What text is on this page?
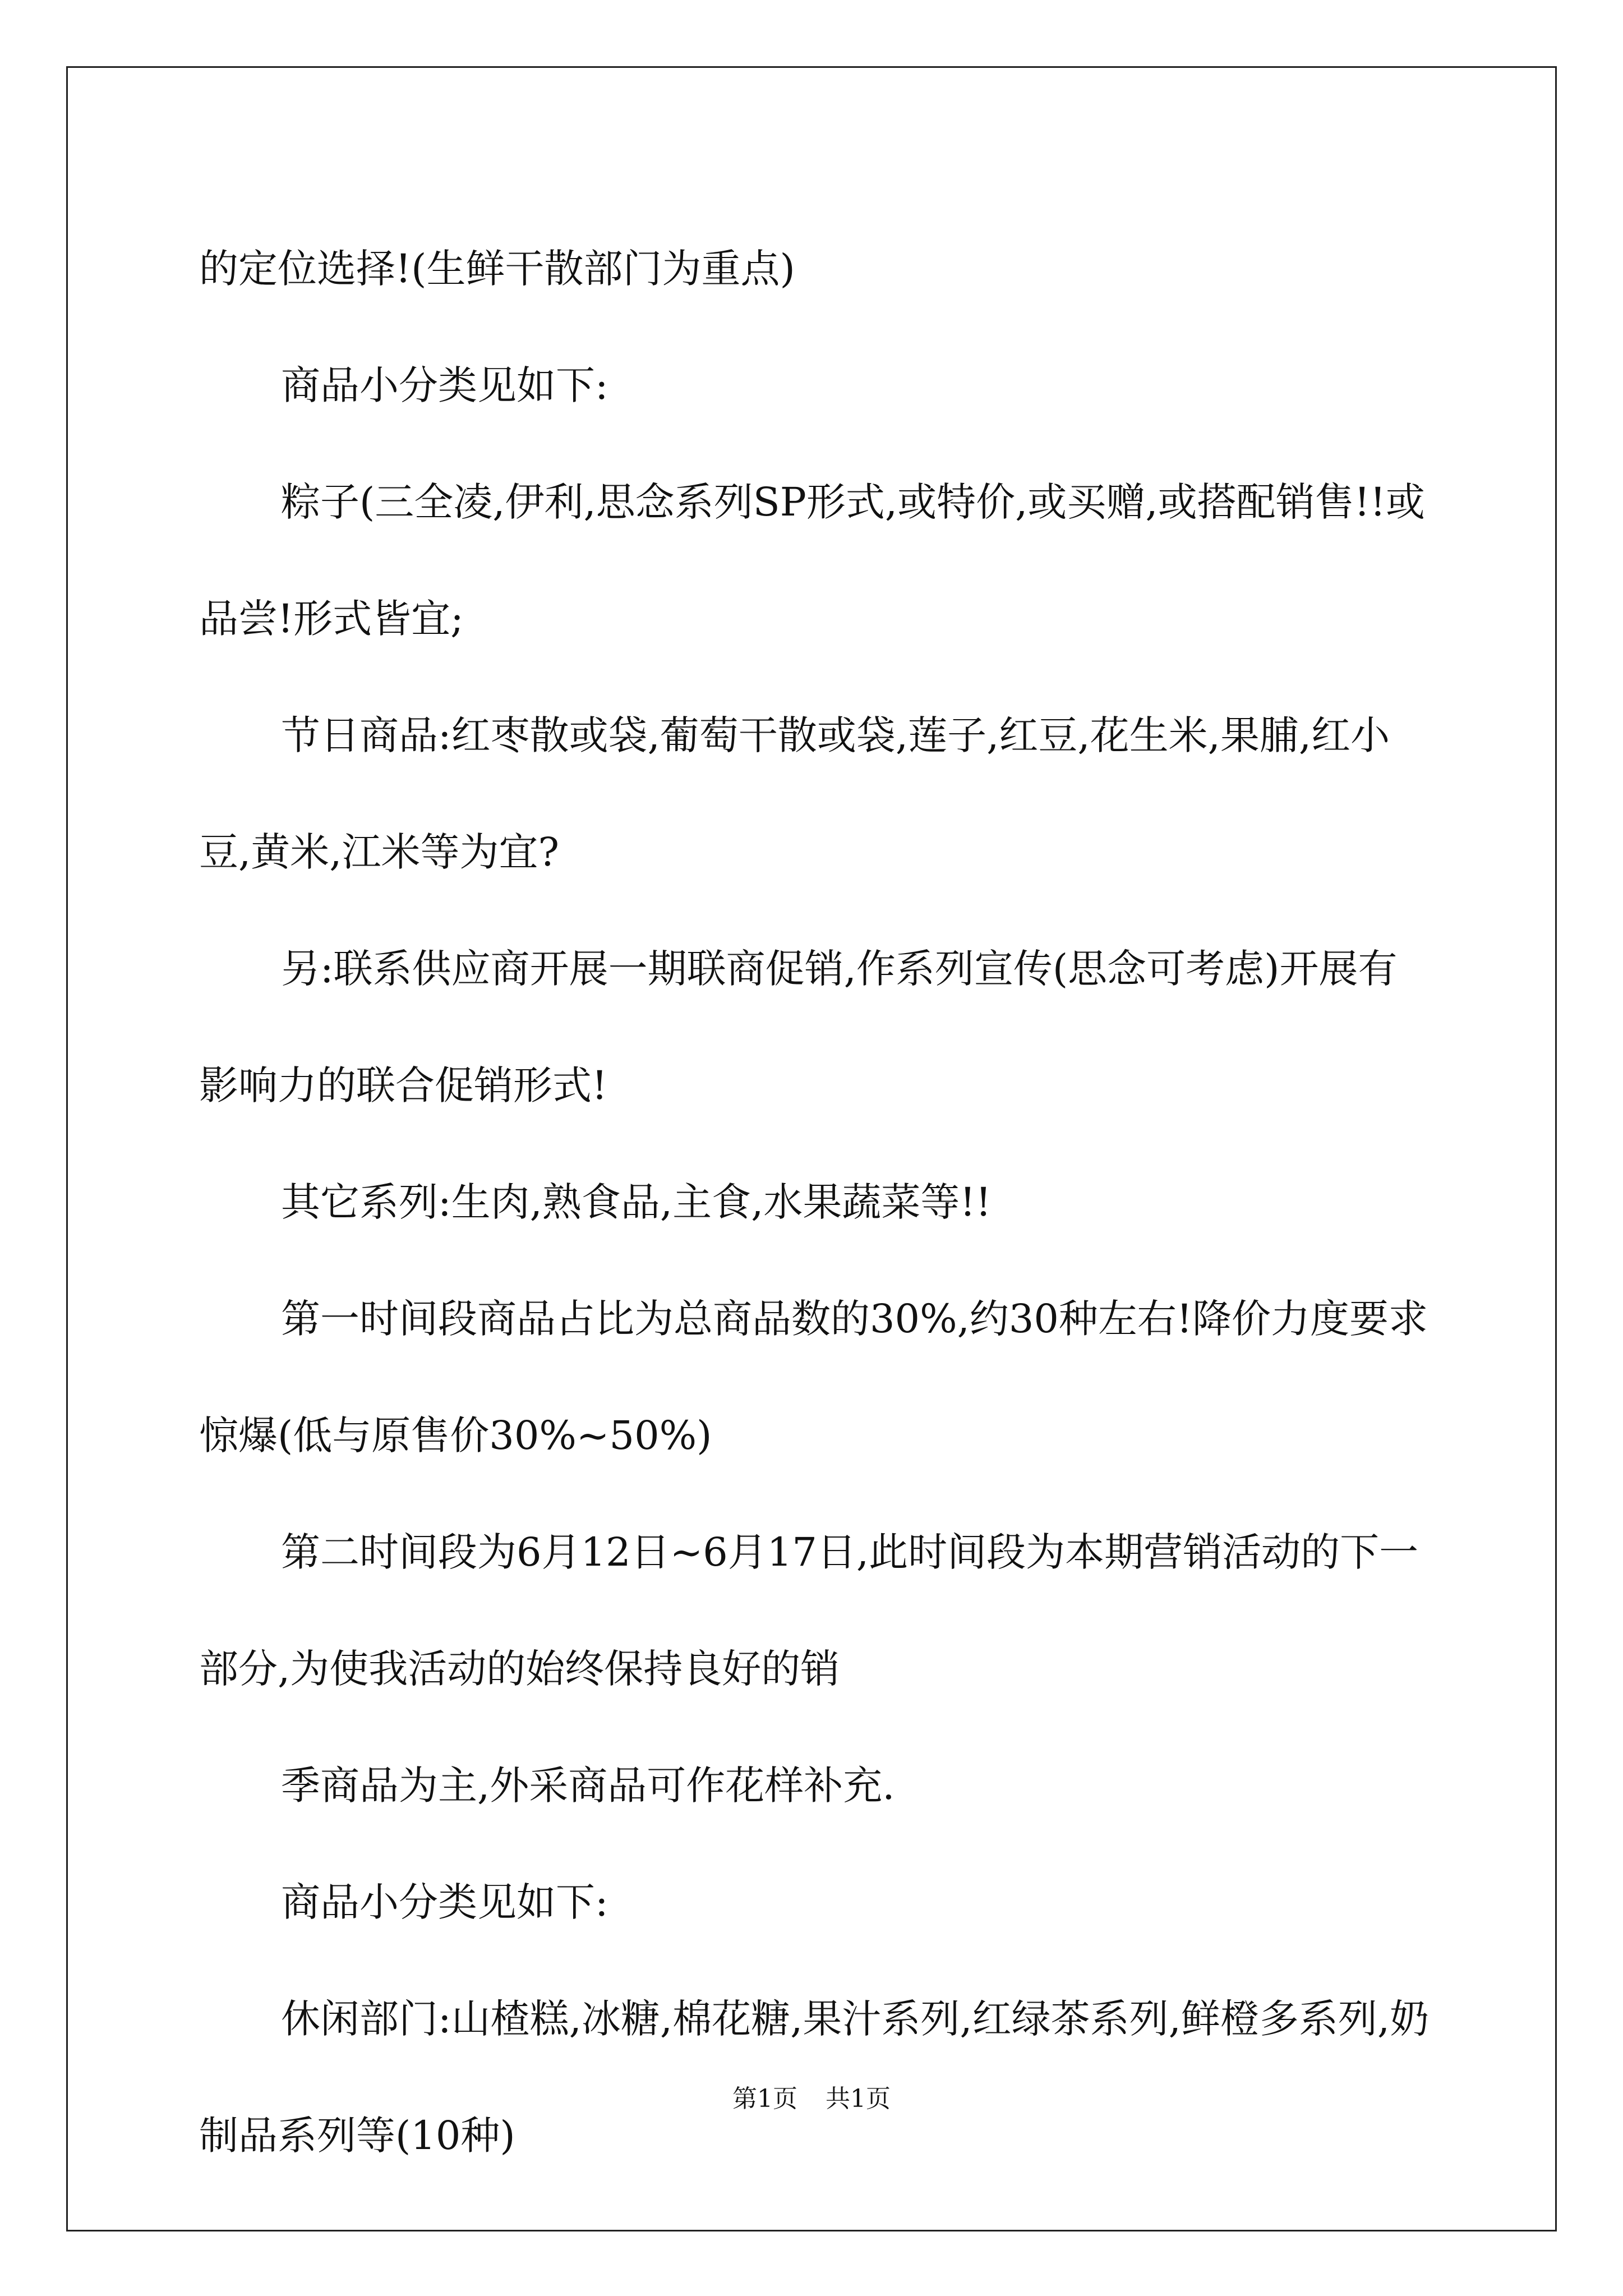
的定位选择!(生鲜干散部门为重点)

商品小分类见如下:

粽子(三全凌,伊利,思念系列SP形式,或特价,或买赠,或搭配销售!!或品尝!形式皆宜;

节日商品:红枣散或袋,葡萄干散或袋,莲子,红豆,花生米,果脯,红小豆,黄米,江米等为宜?

另:联系供应商开展一期联商促销,作系列宣传(思念可考虑)开展有影响力的联合促销形式!

其它系列:生肉,熟食品,主食,水果蔬菜等!!

第一时间段商品占比为总商品数的30%,约30种左右!降价力度要求惊爆(低与原售价30%~50%)

第二时间段为6月12日~6月17日,此时间段为本期营销活动的下一部分,为使我活动的始终保持良好的销

季商品为主,外采商品可作花样补充.

商品小分类见如下:

休闲部门:山楂糕,冰糖,棉花糖,果汁系列,红绿茶系列,鲜橙多系列,奶制品系列等(10种)

第1页 共1页
